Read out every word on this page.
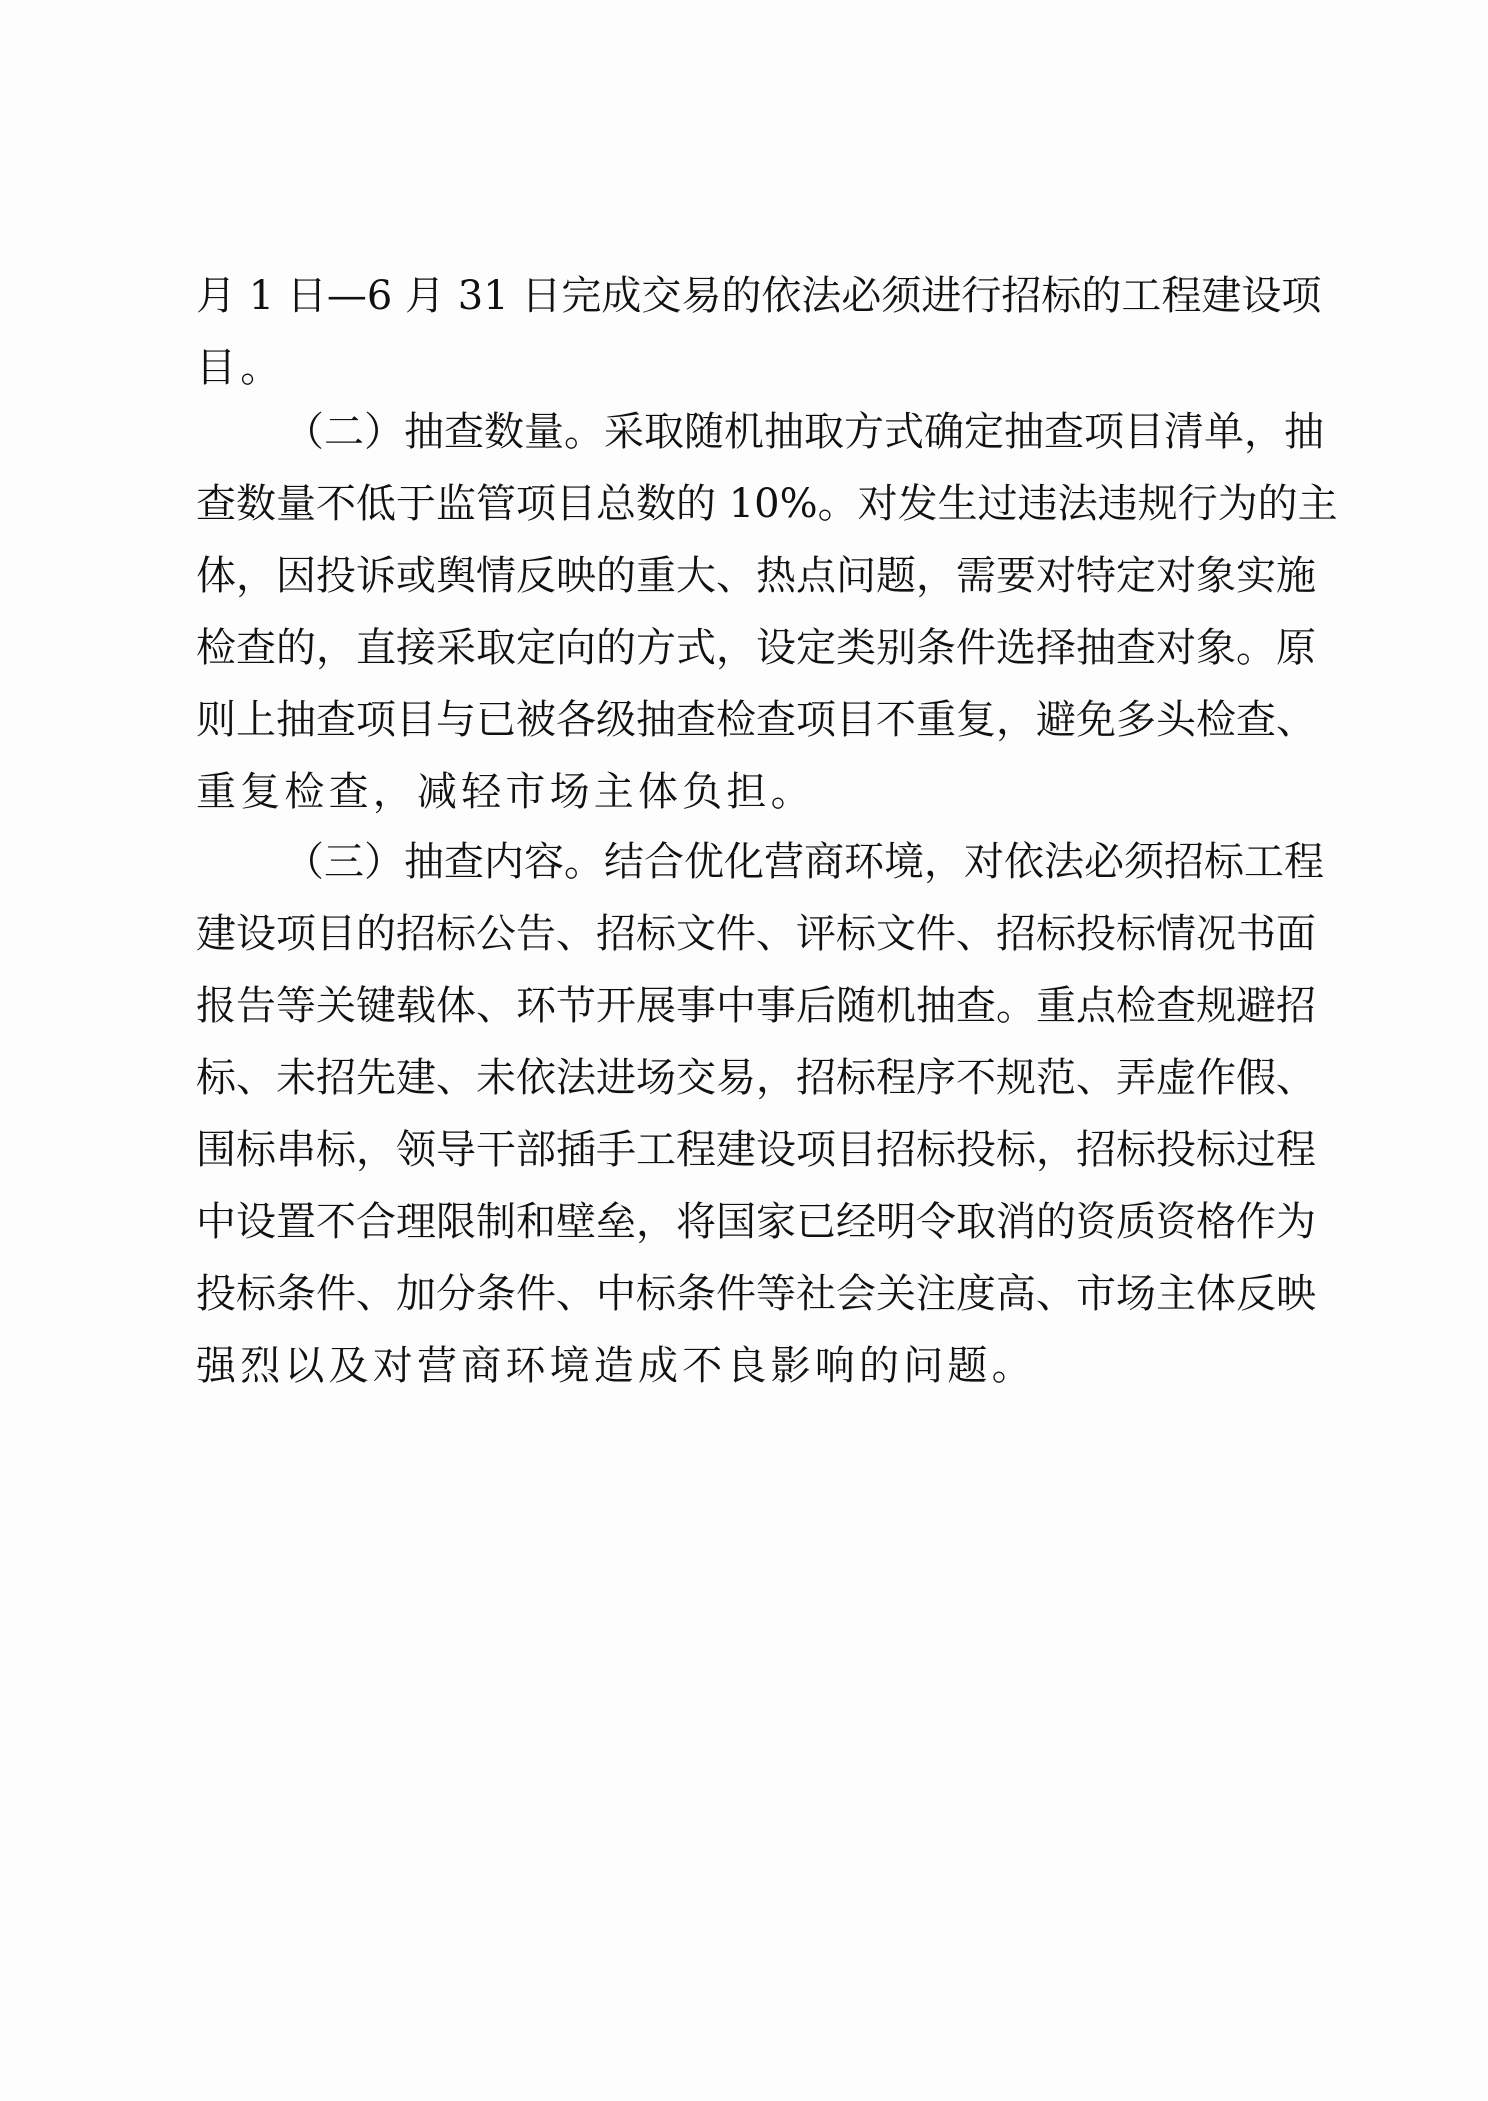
月 1 日—6 月 31 日完成交易的依法必须进行招标的工程建设项
目。
（二）抽查数量。采取随机抽取方式确定抽查项目清单，抽
查数量不低于监管项目总数的 10%。对发生过违法违规行为的主
体，因投诉或舆情反映的重大、热点问题，需要对特定对象实施
检查的，直接采取定向的方式，设定类别条件选择抽查对象。原
则上抽查项目与已被各级抽查检查项目不重复，避免多头检查、
重复检查，减轻市场主体负担。
（三）抽查内容。结合优化营商环境，对依法必须招标工程
建设项目的招标公告、招标文件、评标文件、招标投标情况书面
报告等关键载体、环节开展事中事后随机抽查。重点检查规避招
标、未招先建、未依法进场交易，招标程序不规范、弄虚作假、
围标串标，领导干部插手工程建设项目招标投标，招标投标过程
中设置不合理限制和壁垒，将国家已经明令取消的资质资格作为
投标条件、加分条件、中标条件等社会关注度高、市场主体反映
强烈以及对营商环境造成不良影响的问题。
